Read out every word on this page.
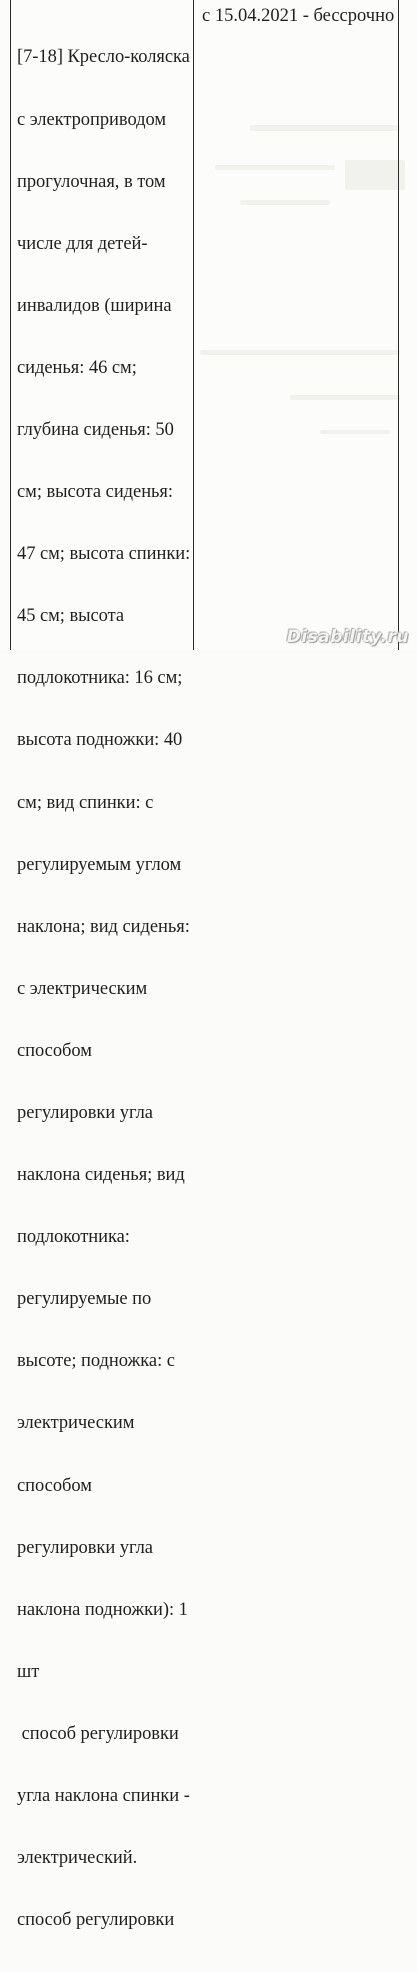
[7-18] Кресло-коляска

с электроприводом

прогулочная, в том

числе для детей-

инвалидов (ширина

сиденья: 46 см;

глубина сиденья: 50

см; высота сиденья:

47 см; высота спинки:

45 см; высота

подлокотника: 16 см;

высота подножки: 40

см; вид спинки: с

регулируемым углом

наклона; вид сиденья:

с электрическим

способом

регулировки угла

наклона сиденья; вид

подлокотника:

регулируемые по

высоте; подножка: с

электрическим

способом

регулировки угла

наклона подножки): 1

шт

способ регулировки

угла наклона спинки -

электрический.

способ регулировки

с 15.04.2021 - бессрочно
Disability.ru
